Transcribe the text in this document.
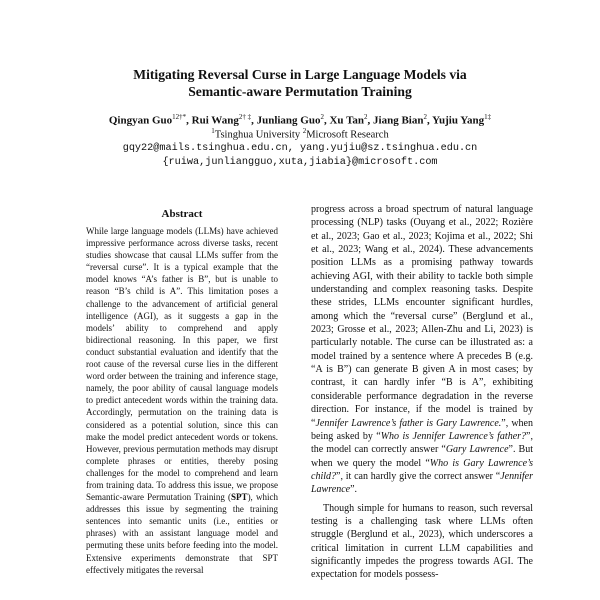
Mitigating Reversal Curse in Large Language Models via
Semantic-aware Permutation Training
Qingyan Guo$^{12\dagger*}$, Rui Wang$^{2\dagger \ddagger}$, Junliang Guo$^2$, Xu Tan$^2$, Jiang Bian$^2$, Yujiu Yang$^{1\ddagger}$
$^1$Tsinghua University $^2$Microsoft Research
gqy22@mails.tsinghua.edu.cn, yang.yujiu@sz.tsinghua.edu.cn
{ruiwa,junliangguo,xuta,jiabia}@microsoft.com
Abstract
While large language models (LLMs) have achieved impressive performance across diverse tasks, recent studies showcase that causal LLMs suffer from the “reversal curse”. It is a typical example that the model knows “A’s father is B”, but is unable to reason “B’s child is A”. This limitation poses a challenge to the advancement of artificial general intelligence (AGI), as it suggests a gap in the models’ ability to comprehend and apply bidirectional reasoning. In this paper, we first conduct substantial evaluation and identify that the root cause of the reversal curse lies in the different word order between the training and inference stage, namely, the poor ability of causal language models to predict antecedent words within the training data. Accordingly, permutation on the training data is considered as a potential solution, since this can make the model predict antecedent words or tokens. However, previous permutation methods may disrupt complete phrases or entities, thereby posing challenges for the model to comprehend and learn from training data. To address this issue, we propose Semantic-aware Permutation Training (SPT), which addresses this issue by segmenting the training sentences into semantic units (i.e., entities or phrases) with an assistant language model and permuting these units before feeding into the model. Extensive experiments demonstrate that SPT effectively mitigates the reversal

progress across a broad spectrum of natural language processing (NLP) tasks (Ouyang et al., 2022; Rozière et al., 2023; Gao et al., 2023; Kojima et al., 2022; Shi et al., 2023; Wang et al., 2024). These advancements position LLMs as a promising pathway towards achieving AGI, with their ability to tackle both simple understanding and complex reasoning tasks. Despite these strides, LLMs encounter significant hurdles, among which the “reversal curse” (Berglund et al., 2023; Grosse et al., 2023; Allen-Zhu and Li, 2023) is particularly notable. The curse can be illustrated as: a model trained by a sentence where A precedes B (e.g. “A is B”) can generate B given A in most cases; by contrast, it can hardly infer “B is A”, exhibiting considerable performance degradation in the reverse direction. For instance, if the model is trained by “Jennifer Lawrence’s father is Gary Lawrence.”, when being asked by “Who is Jennifer Lawrence’s father?”, the model can correctly answer “Gary Lawrence”. But when we query the model “Who is Gary Lawrence’s child?”, it can hardly give the correct answer “Jennifer Lawrence”.

Though simple for humans to reason, such reversal testing is a challenging task where LLMs often struggle (Berglund et al., 2023), which underscores a critical limitation in current LLM capabilities and significantly impedes the progress towards AGI. The expectation for models possess-
